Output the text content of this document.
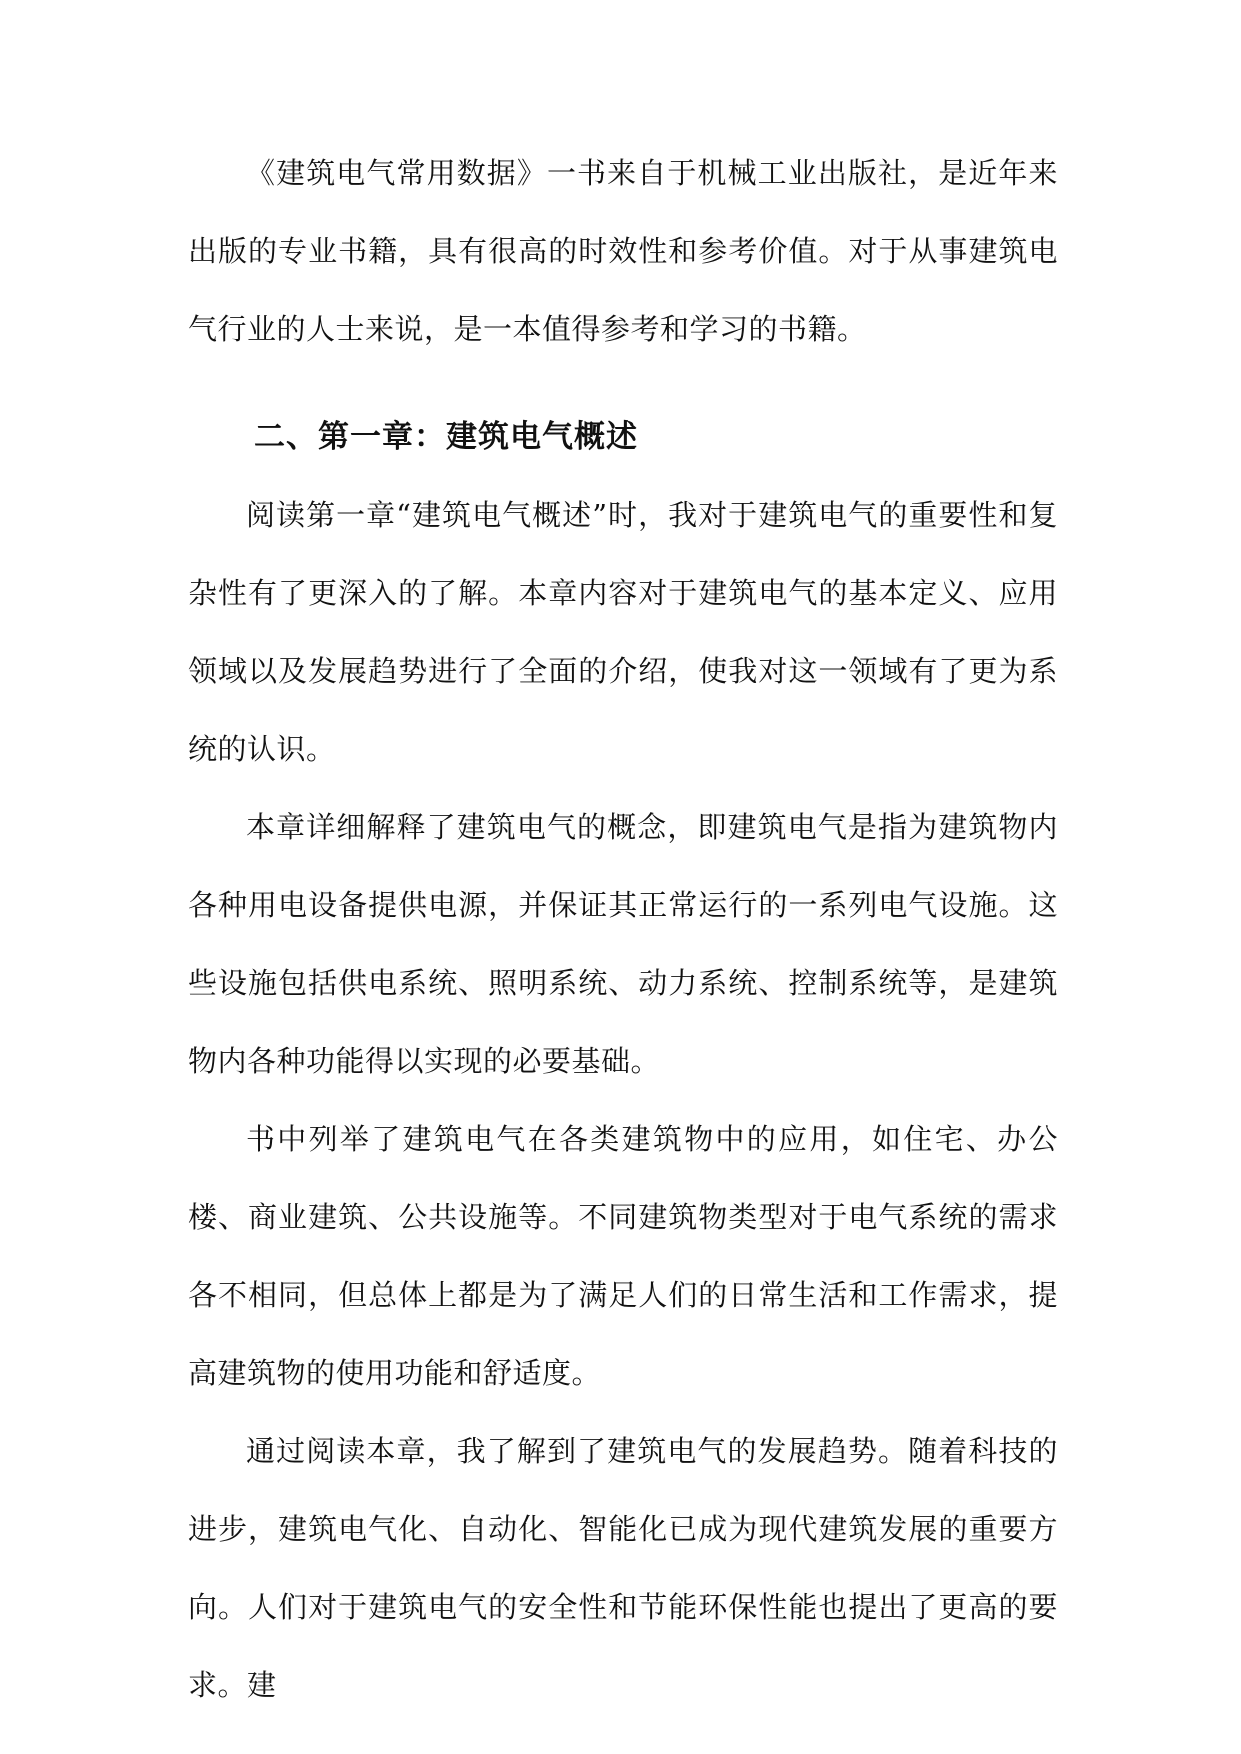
《建筑电气常用数据》一书来自于机械工业出版社，是近年来出版的专业书籍，具有很高的时效性和参考价值。对于从事建筑电气行业的人士来说，是一本值得参考和学习的书籍。

二、第一章：建筑电气概述

阅读第一章“建筑电气概述”时，我对于建筑电气的重要性和复杂性有了更深入的了解。本章内容对于建筑电气的基本定义、应用领域以及发展趋势进行了全面的介绍，使我对这一领域有了更为系统的认识。

本章详细解释了建筑电气的概念，即建筑电气是指为建筑物内各种用电设备提供电源，并保证其正常运行的一系列电气设施。这些设施包括供电系统、照明系统、动力系统、控制系统等，是建筑物内各种功能得以实现的必要基础。

书中列举了建筑电气在各类建筑物中的应用，如住宅、办公楼、商业建筑、公共设施等。不同建筑物类型对于电气系统的需求各不相同，但总体上都是为了满足人们的日常生活和工作需求，提高建筑物的使用功能和舒适度。

通过阅读本章，我了解到了建筑电气的发展趋势。随着科技的进步，建筑电气化、自动化、智能化已成为现代建筑发展的重要方向。人们对于建筑电气的安全性和节能环保性能也提出了更高的要求。建
